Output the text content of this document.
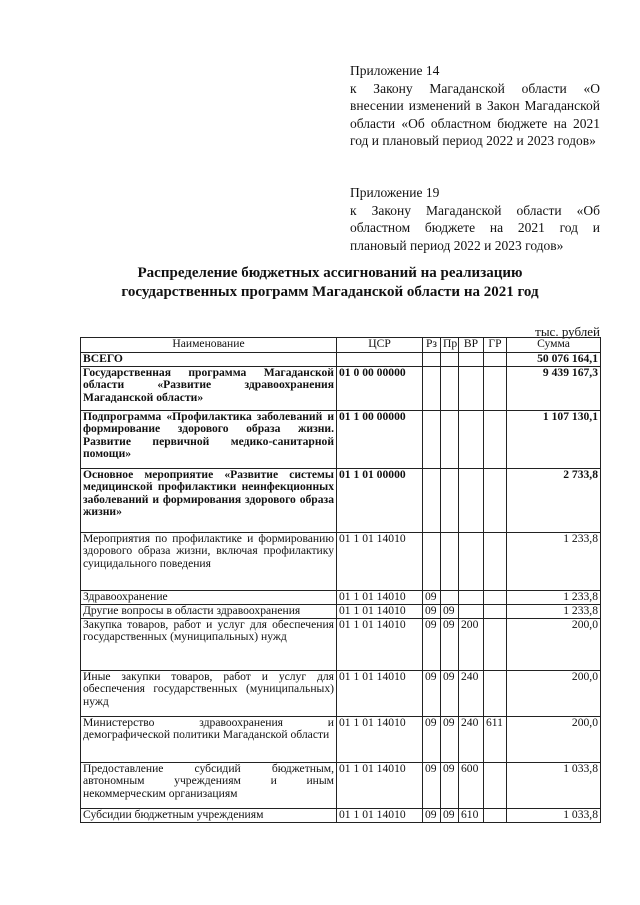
Приложение 14

к Закону Магаданской области «О внесении изменений в Закон Магаданской области «Об областном бюджете на 2021 год и плановый период 2022 и 2023 годов»

Приложение 19

к Закону Магаданской области «Об областном бюджете на 2021 год и плановый период 2022 и 2023 годов»

Распределение бюджетных ассигнований на реализацию
государственных программ Магаданской области на 2021 год
тыс. рублей
Наименование	ЦСР	Рз	Пр	ВР	ГР	Сумма
ВСЕГО						50 076 164,1
Государственная программа Магаданской области «Развитие здравоохранения Магаданской области»	01 0 00 00000					9 439 167,3
Подпрограмма «Профилактика заболеваний и формирование здорового образа жизни. Развитие первичной медико-санитарной помощи»	01 1 00 00000					1 107 130,1
Основное мероприятие «Развитие системы медицинской профилактики неинфекционных заболеваний и формирования здорового образа жизни»	01 1 01 00000					2 733,8
Мероприятия по профилактике и формированию здорового образа жизни, включая профилактику суицидального поведения	01 1 01 14010					1 233,8
Здравоохранение	01 1 01 14010	09				1 233,8
Другие вопросы в области здравоохранения	01 1 01 14010	09	09			1 233,8
Закупка товаров, работ и услуг для обеспечения государственных (муниципальных) нужд	01 1 01 14010	09	09	200		200,0
Иные закупки товаров, работ и услуг для обеспечения государственных (муниципальных) нужд	01 1 01 14010	09	09	240		200,0
Министерство здравоохранения и демографической политики Магаданской области	01 1 01 14010	09	09	240	611	200,0
Предоставление субсидий бюджетным, автономным учреждениям и иным некоммерческим организациям	01 1 01 14010	09	09	600		1 033,8
Субсидии бюджетным учреждениям	01 1 01 14010	09	09	610		1 033,8
